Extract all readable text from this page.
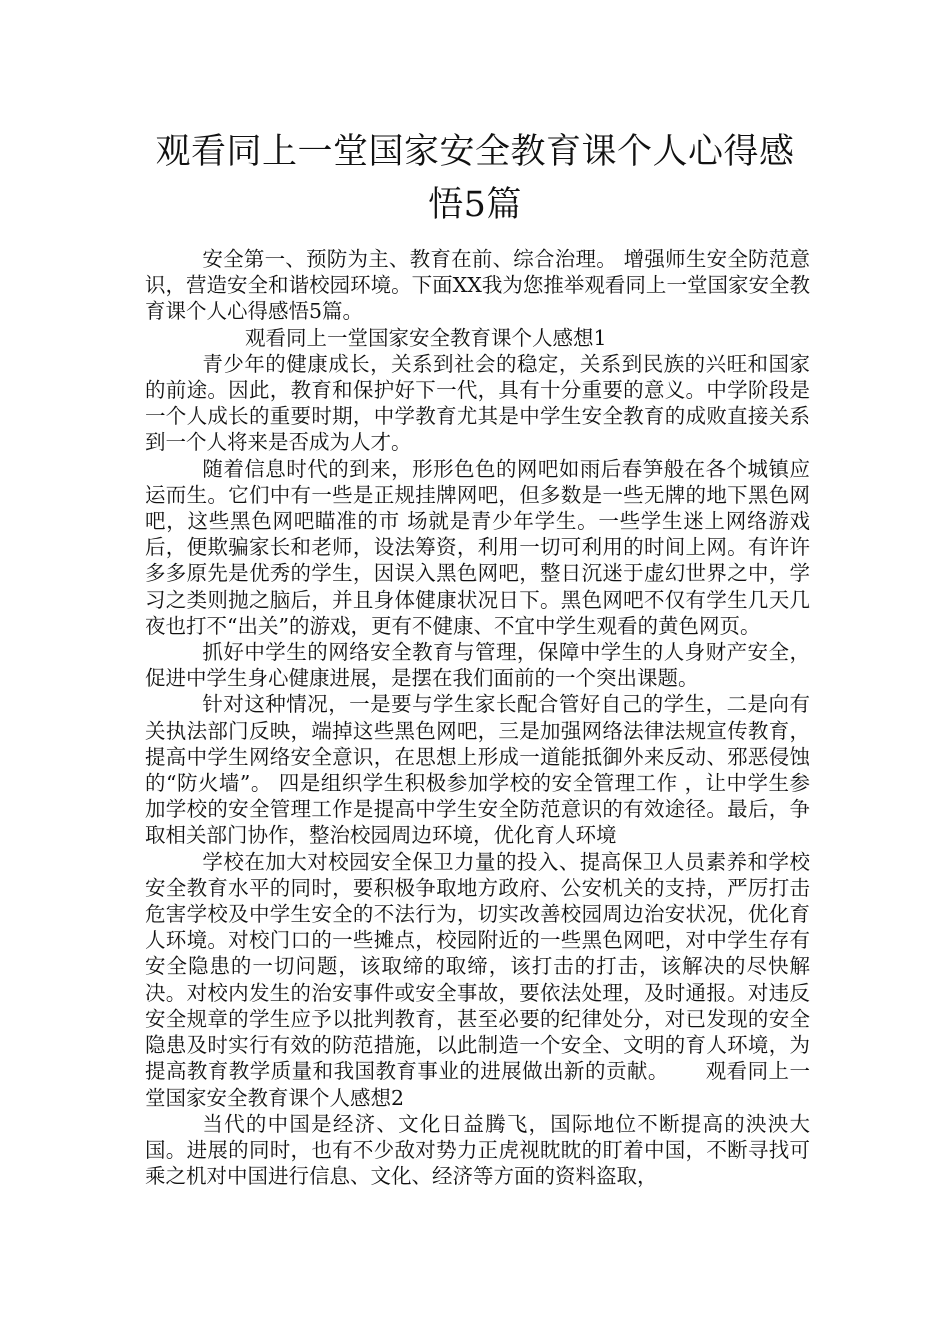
观看同上一堂国家安全教育课个人心得感悟5篇

安全第一、预防为主、教育在前、综合治理。 增强师生安全防范意识，营造安全和谐校园环境。下面XX我为您推举观看同上一堂国家安全教育课个人心得感悟5篇。

观看同上一堂国家安全教育课个人感想1

青少年的健康成长，关系到社会的稳定，关系到民族的兴旺和国家的前途。因此，教育和保护好下一代，具有十分重要的意义。中学阶段是一个人成长的重要时期，中学教育尤其是中学生安全教育的成败直接关系到一个人将来是否成为人才。

随着信息时代的到来，形形色色的网吧如雨后春笋般在各个城镇应运而生。它们中有一些是正规挂牌网吧，但多数是一些无牌的地下黑色网吧，这些黑色网吧瞄准的市 场就是青少年学生。一些学生迷上网络游戏后，便欺骗家长和老师，设法筹资，利用一切可利用的时间上网。有许许多多原先是优秀的学生，因误入黑色网吧，整日沉迷于虚幻世界之中，学习之类则抛之脑后，并且身体健康状况日下。黑色网吧不仅有学生几天几夜也打不“出关”的游戏，更有不健康、不宜中学生观看的黄色网页。

抓好中学生的网络安全教育与管理，保障中学生的人身财产安全，促进中学生身心健康进展，是摆在我们面前的一个突出课题。

针对这种情况，一是要与学生家长配合管好自己的学生，二是向有关执法部门反映，端掉这些黑色网吧，三是加强网络法律法规宣传教育，提高中学生网络安全意识，在思想上形成一道能抵御外来反动、邪恶侵蚀的“防火墙”。 四是组织学生积极参加学校的安全管理工作 ，让中学生参加学校的安全管理工作是提高中学生安全防范意识的有效途径。最后，争取相关部门协作，整治校园周边环境，优化育人环境

学校在加大对校园安全保卫力量的投入、提高保卫人员素养和学校安全教育水平的同时，要积极争取地方政府、公安机关的支持，严厉打击危害学校及中学生安全的不法行为，切实改善校园周边治安状况，优化育人环境。对校门口的一些摊点，校园附近的一些黑色网吧，对中学生存有安全隐患的一切问题，该取缔的取缔，该打击的打击，该解决的尽快解决。对校内发生的治安事件或安全事故，要依法处理，及时通报。对违反安全规章的学生应予以批判教育，甚至必要的纪律处分，对已发现的安全隐患及时实行有效的防范措施，以此制造一个安全、文明的育人环境，为提高教育教学质量和我国教育事业的进展做出新的贡献。 观看同上一堂国家安全教育课个人感想2

当代的中国是经济、文化日益腾飞，国际地位不断提高的泱泱大国。进展的同时，也有不少敌对势力正虎视眈眈的盯着中国，不断寻找可乘之机对中国进行信息、文化、经济等方面的资料盗取，
